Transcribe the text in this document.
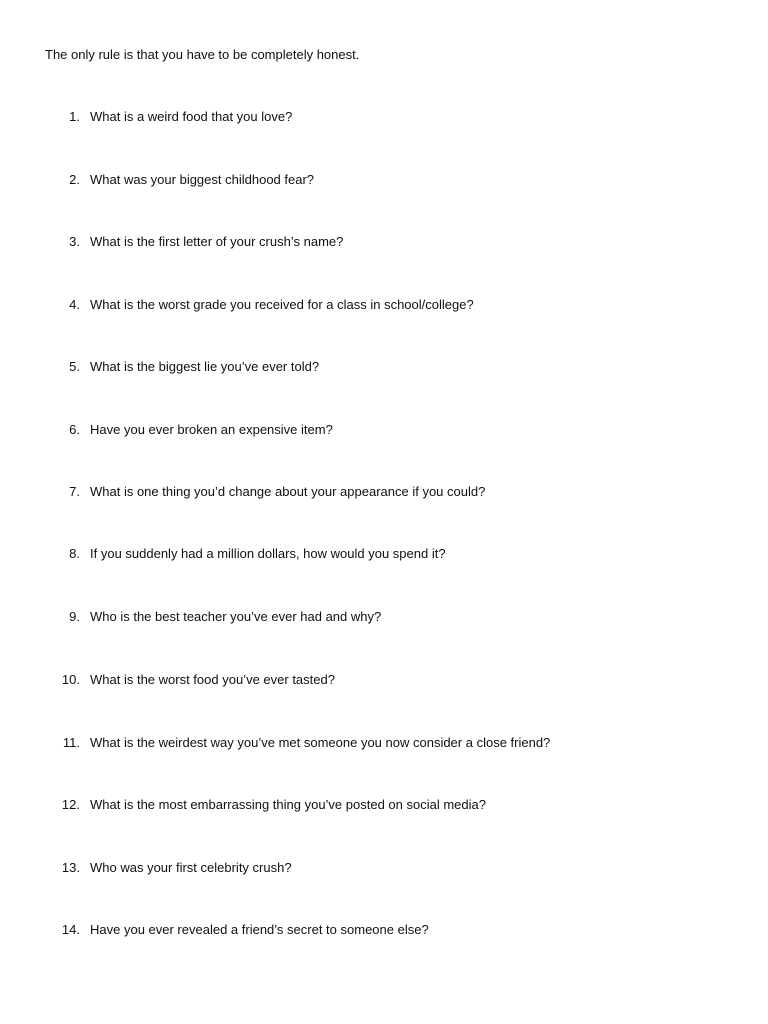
The only rule is that you have to be completely honest.
1. What is a weird food that you love?
2. What was your biggest childhood fear?
3. What is the first letter of your crush’s name?
4. What is the worst grade you received for a class in school/college?
5. What is the biggest lie you’ve ever told?
6. Have you ever broken an expensive item?
7. What is one thing you’d change about your appearance if you could?
8. If you suddenly had a million dollars, how would you spend it?
9. Who is the best teacher you’ve ever had and why?
10. What is the worst food you’ve ever tasted?
11. What is the weirdest way you’ve met someone you now consider a close friend?
12. What is the most embarrassing thing you’ve posted on social media?
13. Who was your first celebrity crush?
14. Have you ever revealed a friend’s secret to someone else?
